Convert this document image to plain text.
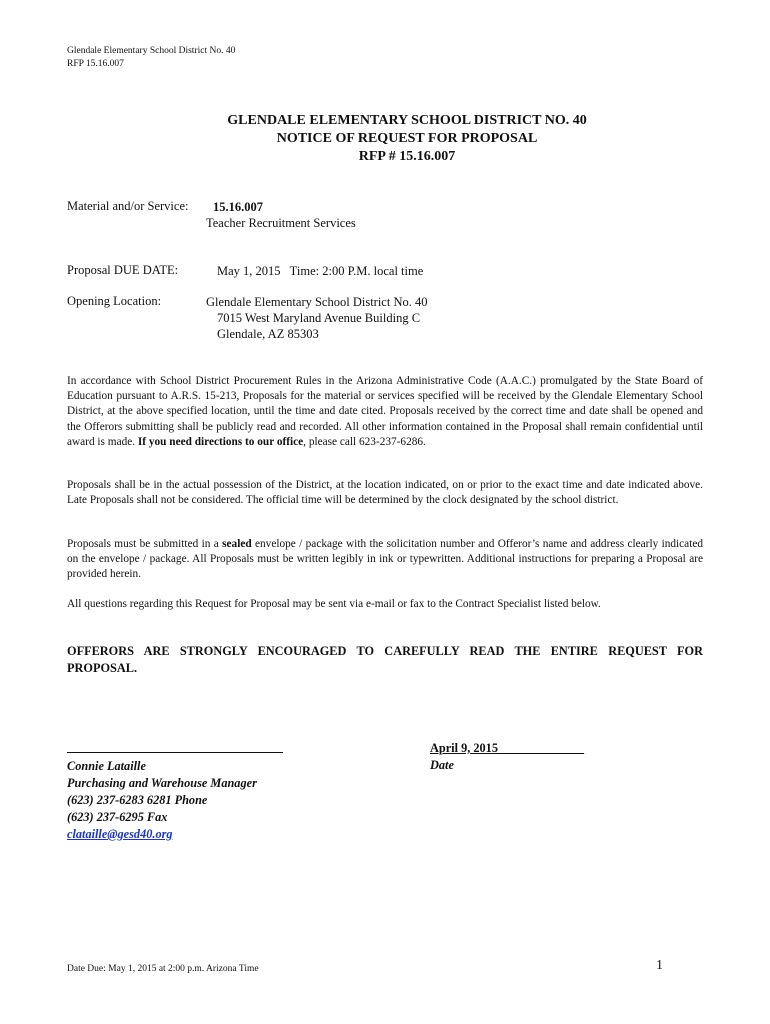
Glendale Elementary School District No. 40
RFP 15.16.007
GLENDALE ELEMENTARY SCHOOL DISTRICT NO. 40
NOTICE OF REQUEST FOR PROPOSAL
RFP # 15.16.007
Material and/or Service: 15.16.007
Teacher Recruitment Services
Proposal DUE DATE:	May 1, 2015   Time: 2:00 P.M. local time
Opening Location:	Glendale Elementary School District No. 40
7015 West Maryland Avenue Building C
Glendale, AZ 85303
In accordance with School District Procurement Rules in the Arizona Administrative Code (A.A.C.) promulgated by the State Board of Education pursuant to A.R.S. 15-213, Proposals for the material or services specified will be received by the Glendale Elementary School District, at the above specified location, until the time and date cited. Proposals received by the correct time and date shall be opened and the Offerors submitting shall be publicly read and recorded. All other information contained in the Proposal shall remain confidential until award is made. If you need directions to our office, please call 623-237-6286.
Proposals shall be in the actual possession of the District, at the location indicated, on or prior to the exact time and date indicated above. Late Proposals shall not be considered. The official time will be determined by the clock designated by the school district.
Proposals must be submitted in a sealed envelope / package with the solicitation number and Offeror’s name and address clearly indicated on the envelope / package. All Proposals must be written legibly in ink or typewritten. Additional instructions for preparing a Proposal are provided herein.
All questions regarding this Request for Proposal may be sent via e-mail or fax to the Contract Specialist listed below.
OFFERORS ARE STRONGLY ENCOURAGED TO CAREFULLY READ THE ENTIRE REQUEST FOR PROPOSAL.
Connie Lataille
Purchasing and Warehouse Manager
(623) 237-6283 6281 Phone
(623) 237-6295 Fax
clataille@gesd40.org
April 9, 2015______________
Date
Date Due: May 1, 2015 at 2:00 p.m. Arizona Time	1
